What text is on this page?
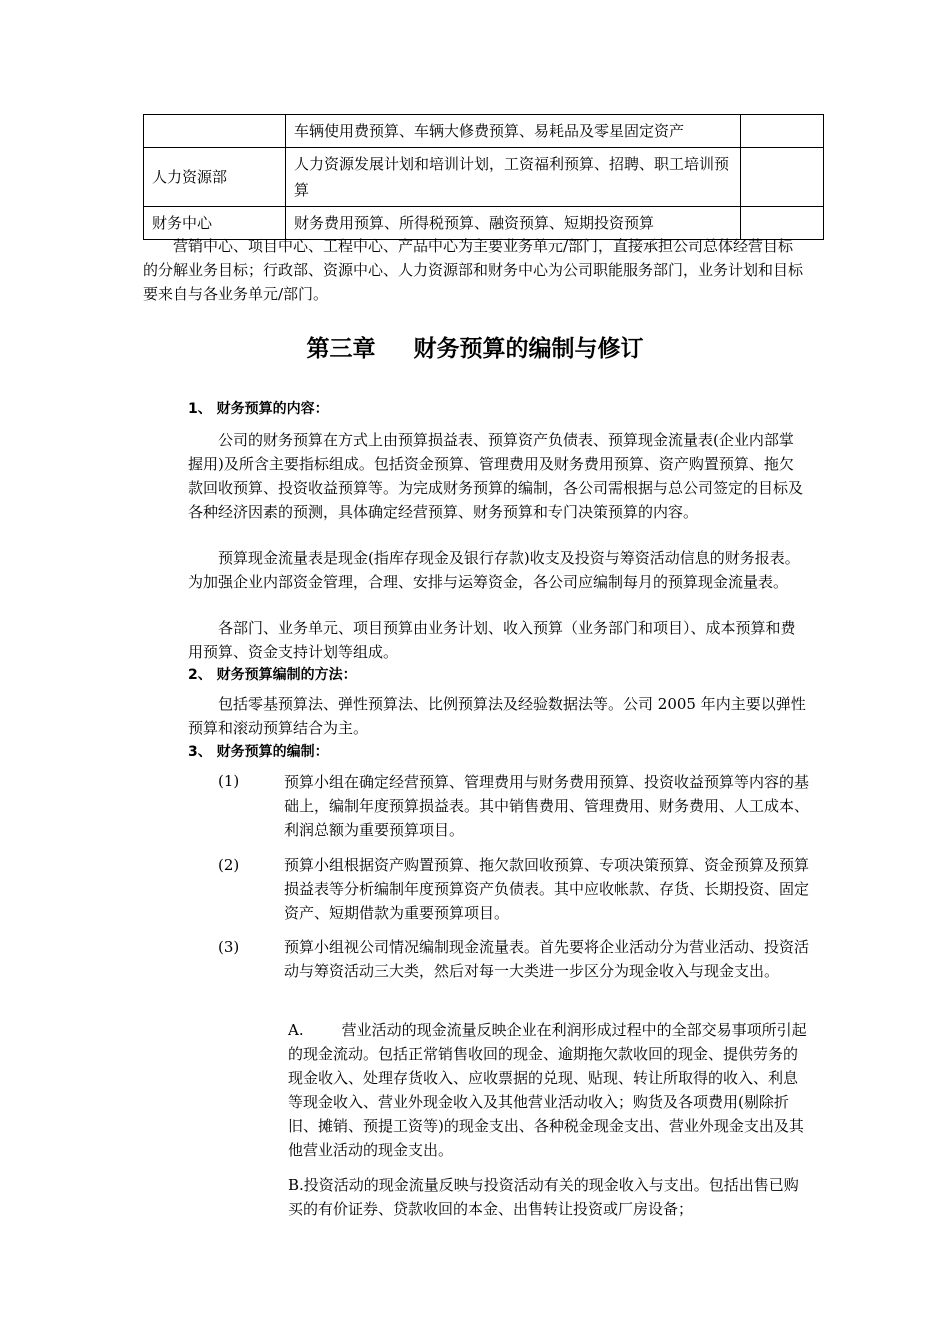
	车辆使用费预算、车辆大修费预算、易耗品及零星固定资产	
人力资源部	人力资源发展计划和培训计划，工资福利预算、招聘、职工培训预算	
财务中心	财务费用预算、所得税预算、融资预算、短期投资预算	
营销中心、项目中心、工程中心、产品中心为主要业务单元/部门，直接承担公司总体经营目标的分解业务目标；行政部、资源中心、人力资源部和财务中心为公司职能服务部门，业务计划和目标要来自与各业务单元/部门。
第三章 财务预算的编制与修订
1、 财务预算的内容：
公司的财务预算在方式上由预算损益表、预算资产负债表、预算现金流量表(企业内部掌握用)及所含主要指标组成。包括资金预算、管理费用及财务费用预算、资产购置预算、拖欠款回收预算、投资收益预算等。为完成财务预算的编制，各公司需根据与总公司签定的目标及各种经济因素的预测，具体确定经营预算、财务预算和专门决策预算的内容。
预算现金流量表是现金(指库存现金及银行存款)收支及投资与筹资活动信息的财务报表。为加强企业内部资金管理，合理、安排与运筹资金，各公司应编制每月的预算现金流量表。
各部门、业务单元、项目预算由业务计划、收入预算（业务部门和项目）、成本预算和费用预算、资金支持计划等组成。
2、 财务预算编制的方法：
包括零基预算法、弹性预算法、比例预算法及经验数据法等。公司 2005 年内主要以弹性预算和滚动预算结合为主。
3、 财务预算的编制：
(1)	预算小组在确定经营预算、管理费用与财务费用预算、投资收益预算等内容的基础上，编制年度预算损益表。其中销售费用、管理费用、财务费用、人工成本、利润总额为重要预算项目。
(2)	预算小组根据资产购置预算、拖欠款回收预算、专项决策预算、资金预算及预算损益表等分析编制年度预算资产负债表。其中应收帐款、存货、长期投资、固定资产、短期借款为重要预算项目。
(3)	预算小组视公司情况编制现金流量表。首先要将企业活动分为营业活动、投资活动与筹资活动三大类，然后对每一大类进一步区分为现金收入与现金支出。
A.	营业活动的现金流量反映企业在利润形成过程中的全部交易事项所引起的现金流动。包括正常销售收回的现金、逾期拖欠款收回的现金、提供劳务的现金收入、处理存货收入、应收票据的兑现、贴现、转让所取得的收入、利息等现金收入、营业外现金收入及其他营业活动收入；购货及各项费用(剔除折旧、摊销、预提工资等)的现金支出、各种税金现金支出、营业外现金支出及其他营业活动的现金支出。
B.投资活动的现金流量反映与投资活动有关的现金收入与支出。包括出售已购买的有价证券、贷款收回的本金、出售转让投资或厂房设备；
